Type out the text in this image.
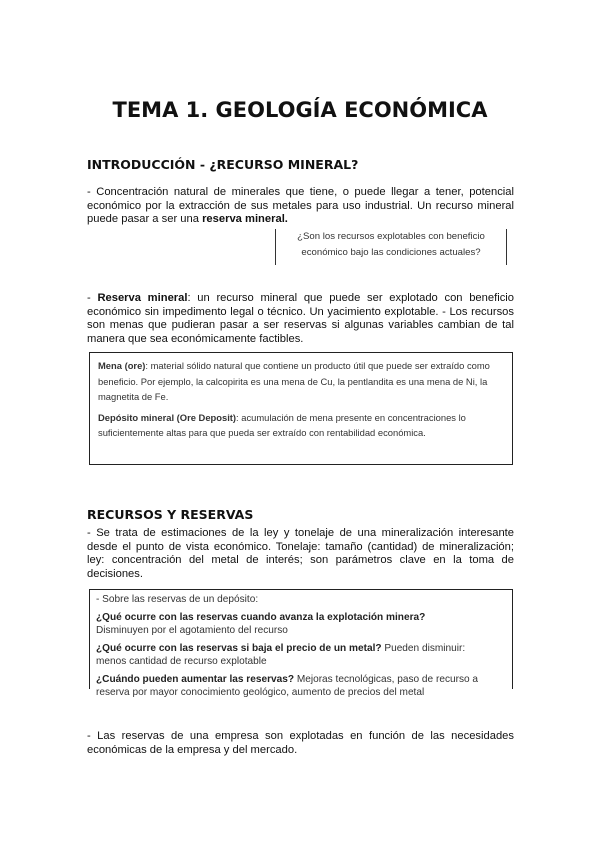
TEMA 1. GEOLOGÍA ECONÓMICA
INTRODUCCIÓN - ¿RECURSO MINERAL?
- Concentración natural de minerales que tiene, o puede llegar a tener, potencial económico por la extracción de sus metales para uso industrial. Un recurso mineral puede pasar a ser una reserva mineral.
¿Son los recursos explotables con beneficio
económico bajo las condiciones actuales?
- Reserva mineral: un recurso mineral que puede ser explotado con beneficio económico sin impedimento legal o técnico. Un yacimiento explotable. - Los recursos son menas que pudieran pasar a ser reservas si algunas variables cambian de tal manera que sea económicamente factibles.

Mena (ore): material sólido natural que contiene un producto útil que puede ser extraído como beneficio. Por ejemplo, la calcopirita es una mena de Cu, la pentlandita es una mena de Ni, la magnetita de Fe.

Depósito mineral (Ore Deposit): acumulación de mena presente en concentraciones lo suficientemente altas para que pueda ser extraído con rentabilidad económica.

RECURSOS Y RESERVAS
- Se trata de estimaciones de la ley y tonelaje de una mineralización interesante desde el punto de vista económico. Tonelaje: tamaño (cantidad) de mineralización; ley: concentración del metal de interés; son parámetros clave en la toma de decisiones.
- Sobre las reservas de un depósito:
¿Qué ocurre con las reservas cuando avanza la explotación minera?
Disminuyen por el agotamiento del recurso
¿Qué ocurre con las reservas si baja el precio de un metal? Pueden disminuir:
menos cantidad de recurso explotable
¿Cuándo pueden aumentar las reservas? Mejoras tecnológicas, paso de recurso a reserva por mayor conocimiento geológico, aumento de precios del metal
- Las reservas de una empresa son explotadas en función de las necesidades económicas de la empresa y del mercado.
